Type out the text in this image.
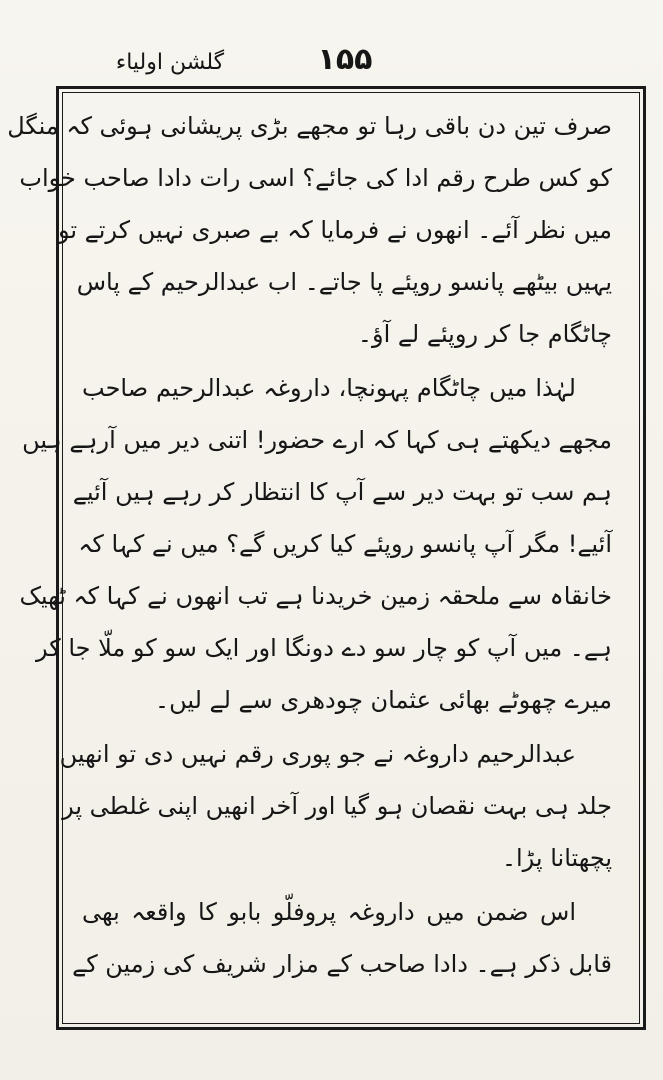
۱۵۵
گلشن اولیاء
صرف تین دن باقی رہا تو مجھے بڑی پریشانی ہوئی کہ منگل
کو کس طرح رقم ادا کی جائے؟ اسی رات دادا صاحب خواب
میں نظر آئے۔ انھوں نے فرمایا کہ بے صبری نہیں کرتے تو
یہیں بیٹھے پانسو روپئے پا جاتے۔ اب عبدالرحیم کے پاس
چاٹگام جا کر روپئے لے آؤ۔
لہٰذا میں چاٹگام پہونچا، داروغہ عبدالرحیم صاحب
مجھے دیکھتے ہی کہا کہ ارے حضور! اتنی دیر میں آرہے ہیں
ہم سب تو بہت دیر سے آپ کا انتظار کر رہے ہیں آئیے
آئیے! مگر آپ پانسو روپئے کیا کریں گے؟ میں نے کہا کہ
خانقاہ سے ملحقہ زمین خریدنا ہے تب انھوں نے کہا کہ ٹھیک
ہے۔ میں آپ کو چار سو دے دونگا اور ایک سو کو ملّا جا کر
میرے چھوٹے بھائی عثمان چودھری سے لے لیں۔
عبدالرحیم داروغہ نے جو پوری رقم نہیں دی تو انھیں
جلد ہی بہت نقصان ہو گیا اور آخر انھیں اپنی غلطی پر
پچھتانا پڑا۔
اس ضمن میں داروغہ پروفلّو بابو کا واقعہ بھی
قابل ذکر ہے۔ دادا صاحب کے مزار شریف کی زمین کے
